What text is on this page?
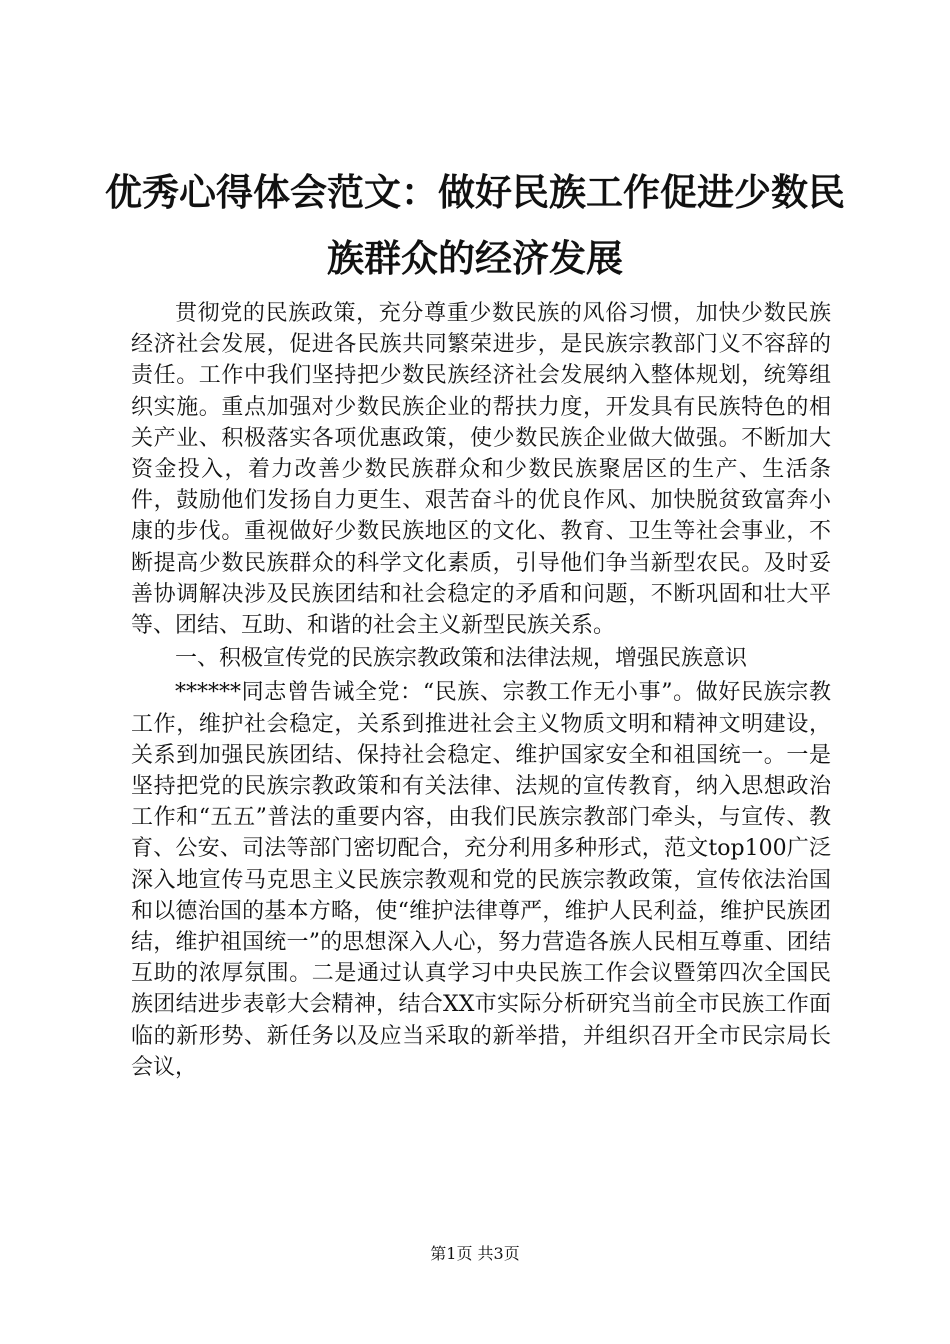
优秀心得体会范文：做好民族工作促进少数民
族群众的经济发展

贯彻党的民族政策，充分尊重少数民族的风俗习惯，加快少数民族经济社会发展，促进各民族共同繁荣进步，是民族宗教部门义不容辞的责任。工作中我们坚持把少数民族经济社会发展纳入整体规划，统筹组织实施。重点加强对少数民族企业的帮扶力度，开发具有民族特色的相关产业、积极落实各项优惠政策，使少数民族企业做大做强。不断加大资金投入，着力改善少数民族群众和少数民族聚居区的生产、生活条件，鼓励他们发扬自力更生、艰苦奋斗的优良作风、加快脱贫致富奔小康的步伐。重视做好少数民族地区的文化、教育、卫生等社会事业，不断提高少数民族群众的科学文化素质，引导他们争当新型农民。及时妥善协调解决涉及民族团结和社会稳定的矛盾和问题，不断巩固和壮大平等、团结、互助、和谐的社会主义新型民族关系。

一、积极宣传党的民族宗教政策和法律法规，增强民族意识

******同志曾告诫全党：“民族、宗教工作无小事”。做好民族宗教工作，维护社会稳定，关系到推进社会主义物质文明和精神文明建设，关系到加强民族团结、保持社会稳定、维护国家安全和祖国统一。一是坚持把党的民族宗教政策和有关法律、法规的宣传教育，纳入思想政治工作和“五五”普法的重要内容，由我们民族宗教部门牵头，与宣传、教育、公安、司法等部门密切配合，充分利用多种形式，范文top100广泛深入地宣传马克思主义民族宗教观和党的民族宗教政策，宣传依法治国和以德治国的基本方略，使“维护法律尊严，维护人民利益，维护民族团结，维护祖国统一”的思想深入人心，努力营造各族人民相互尊重、团结互助的浓厚氛围。二是通过认真学习中央民族工作会议暨第四次全国民族团结进步表彰大会精神，结合XX市实际分析研究当前全市民族工作面临的新形势、新任务以及应当采取的新举措，并组织召开全市民宗局长会议，

第1页 共3页
